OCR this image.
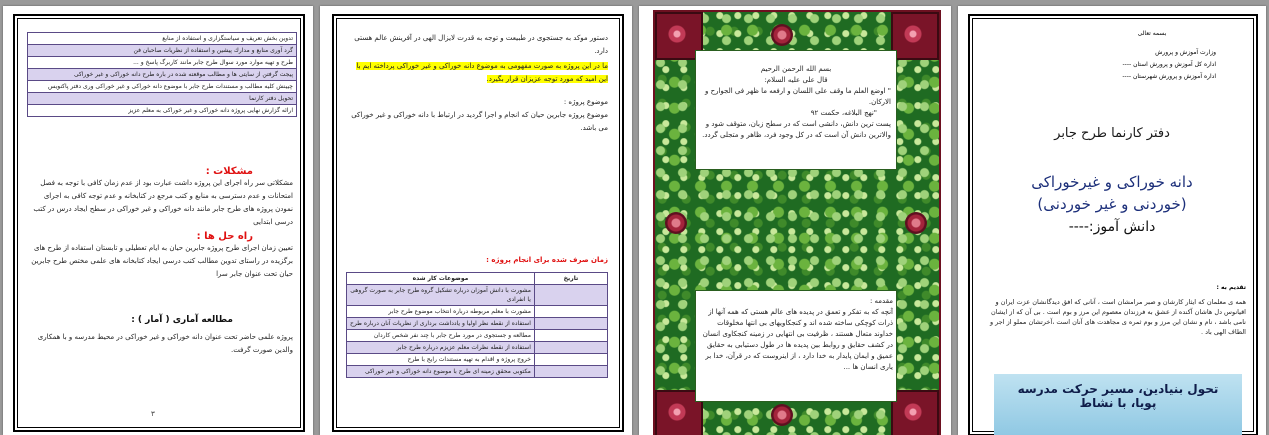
تدوين بخش تعريف و سياستگزارى و استفاده از منابع
گرد آورى منابع و مدارك پيشين و استفاده از نظريات صاحبان فن
طرح و تهيه موارد مورد سوال طرح جابر مانند كاربرگ پاسخ و ...
پيجت گرفتن از سايتى ها و مطالب موقعته شده در باره طرح دانه خوراكى و غير خوراكى
چيينش كليه مطالب و مستندات طرح جابر با موضوع دانه خوراكى و غير خوراكى ورى دفتر پاكنويس
تحويل دفتر كارنما
ارائه گزارش نهايى پروژه دانه خوراكى و غير خوراكى به معلم عزيز
مشكلات :
مشكلاتى سر راه اجراى اين پروژه داشت عبارت بود از عدم زمان كافى با توجه به فصل امتحانات و عدم دسترسى به منابع و كتب مرجع در كتابخانه و عدم توجه كافى به اجراى نمودن پروژه هاى طرح جابر مانند دانه خوراكى و غير خوراكى در سطح ايجاد درس در كتب درسى ابتدايى
راه حل ها :
تعيين زمان اجراى طرح پروژه جابرين حيان به ايام تعطيلى و تابستان استفاده از طرح هاى برگزيده در راستاى تدوين مطالب كتب درسى ايجاد كتابخانه هاى علمى مختص طرح جابرين حيان تحت عنوان جابر سرا
مطالعه آمارى ( آمار ) :
پروژه علمى حاضر تحت عنوان دانه خوراكى و غير خوراكى در محيط مدرسه و با همكارى والدين صورت گرفت.
٣
دستور موكد به جستجوى در طبيعت و توجه به قدرت لايزال الهى در آفرينش عالم هستى دارد.
ما در اين پروژه به صورت مفهومى به موضوع دانه خوراكى و غير خوراكى پرداخته ايم با اين اميد كه مورد توجه عزيزان قرار بگيرد.
موضوع پروژه :
موضوع پروژه جابرين حيان كه انجام و اجرا گرديد در ارتباط با دانه خوراكى و غير خوراكى مى باشد.
زمان صرف شده براى انجام پروژه :
موضوعات كار شده	تاريخ
مشورت با دانش آموزان درباره تشكيل گروه طرح جابر به صورت گروهى يا انفرادى	
مشورت با معلم مربوطه درباره انتخاب موضوع طرح جابر	
استفاده از نقطه نظر اوليا و يادداشت بردارى از نظريات آنان درباره طرح	
مطالعه و جستجوى در مورد طرح جابر با چند نفر شخص كاردان	
استفاده از نقطه نظرات معلم عزيزم درباره طرح جابر	
خروج پروژه و اقدام به تهيه مستندات رايج با طرح	
مكتوبى محقق زمينه اى طرح با موضوع دانه خوراكى و غير خوراكى	
بسم الله الرحمن الرحيم
قال على عليه السلام:
" اوضع العلم ما وقف على اللسان و ارفعه ما ظهر فى الجوارح و الاركان.
"نهج البلاغه، حكمت ٩٢
پست ترين دانش، دانشى است كه در سطح زبان، متوقف شود و والاترين دانش آن است كه در كل وجود فرد، ظاهر و متجلى گردد.
مقدمه :
آنچه كه به تفكر و تعمق در پديده هاى عالم هستى كه همه آنها از ذرات كوچكى ساخته شده اند و كنجكاويهاى بى انتها مخلوقات خداوند متعال هستند ، ظرفيت بى انتهايى در زمينه كنجكاوى انسان در كشف حقايق و روابط بين پديده ها در طول دستيابى به حقايق عميق و ايمان پايدار به خدا دارد ، از اينروست كه در قرآن، خدا بر يارى انسان ها ...
بسمه تعالى
وزارت آموزش و پرورش
اداره كل آموزش و پرورش استان ----
اداره آموزش و پرورش شهرستان ----
دفتر كارنما طرح جابر
دانه خوراكى و غيرخوراكى
(خوردنى و غير خوردنى)
دانش آموز:----
تقديم به :
همه ى معلمان كه ايثار كارشان و صبر مرامشان است ، آنانى كه افق ديدگانشان عزت ايران و اقيانوس دل هاشان آكنده از عشق به فرزندان معصوم اين مرز و بوم است . بى آن كه از ايشان نامى باشد ، نام و نشان اين مرز و بوم ثمره ى مجاهدت هاى آنان است ،آخرتشان مملو از اجر و الطاف الهى باد .
تحول بنيادين، مسير حركت مدرسه
پويا، با نشاط
